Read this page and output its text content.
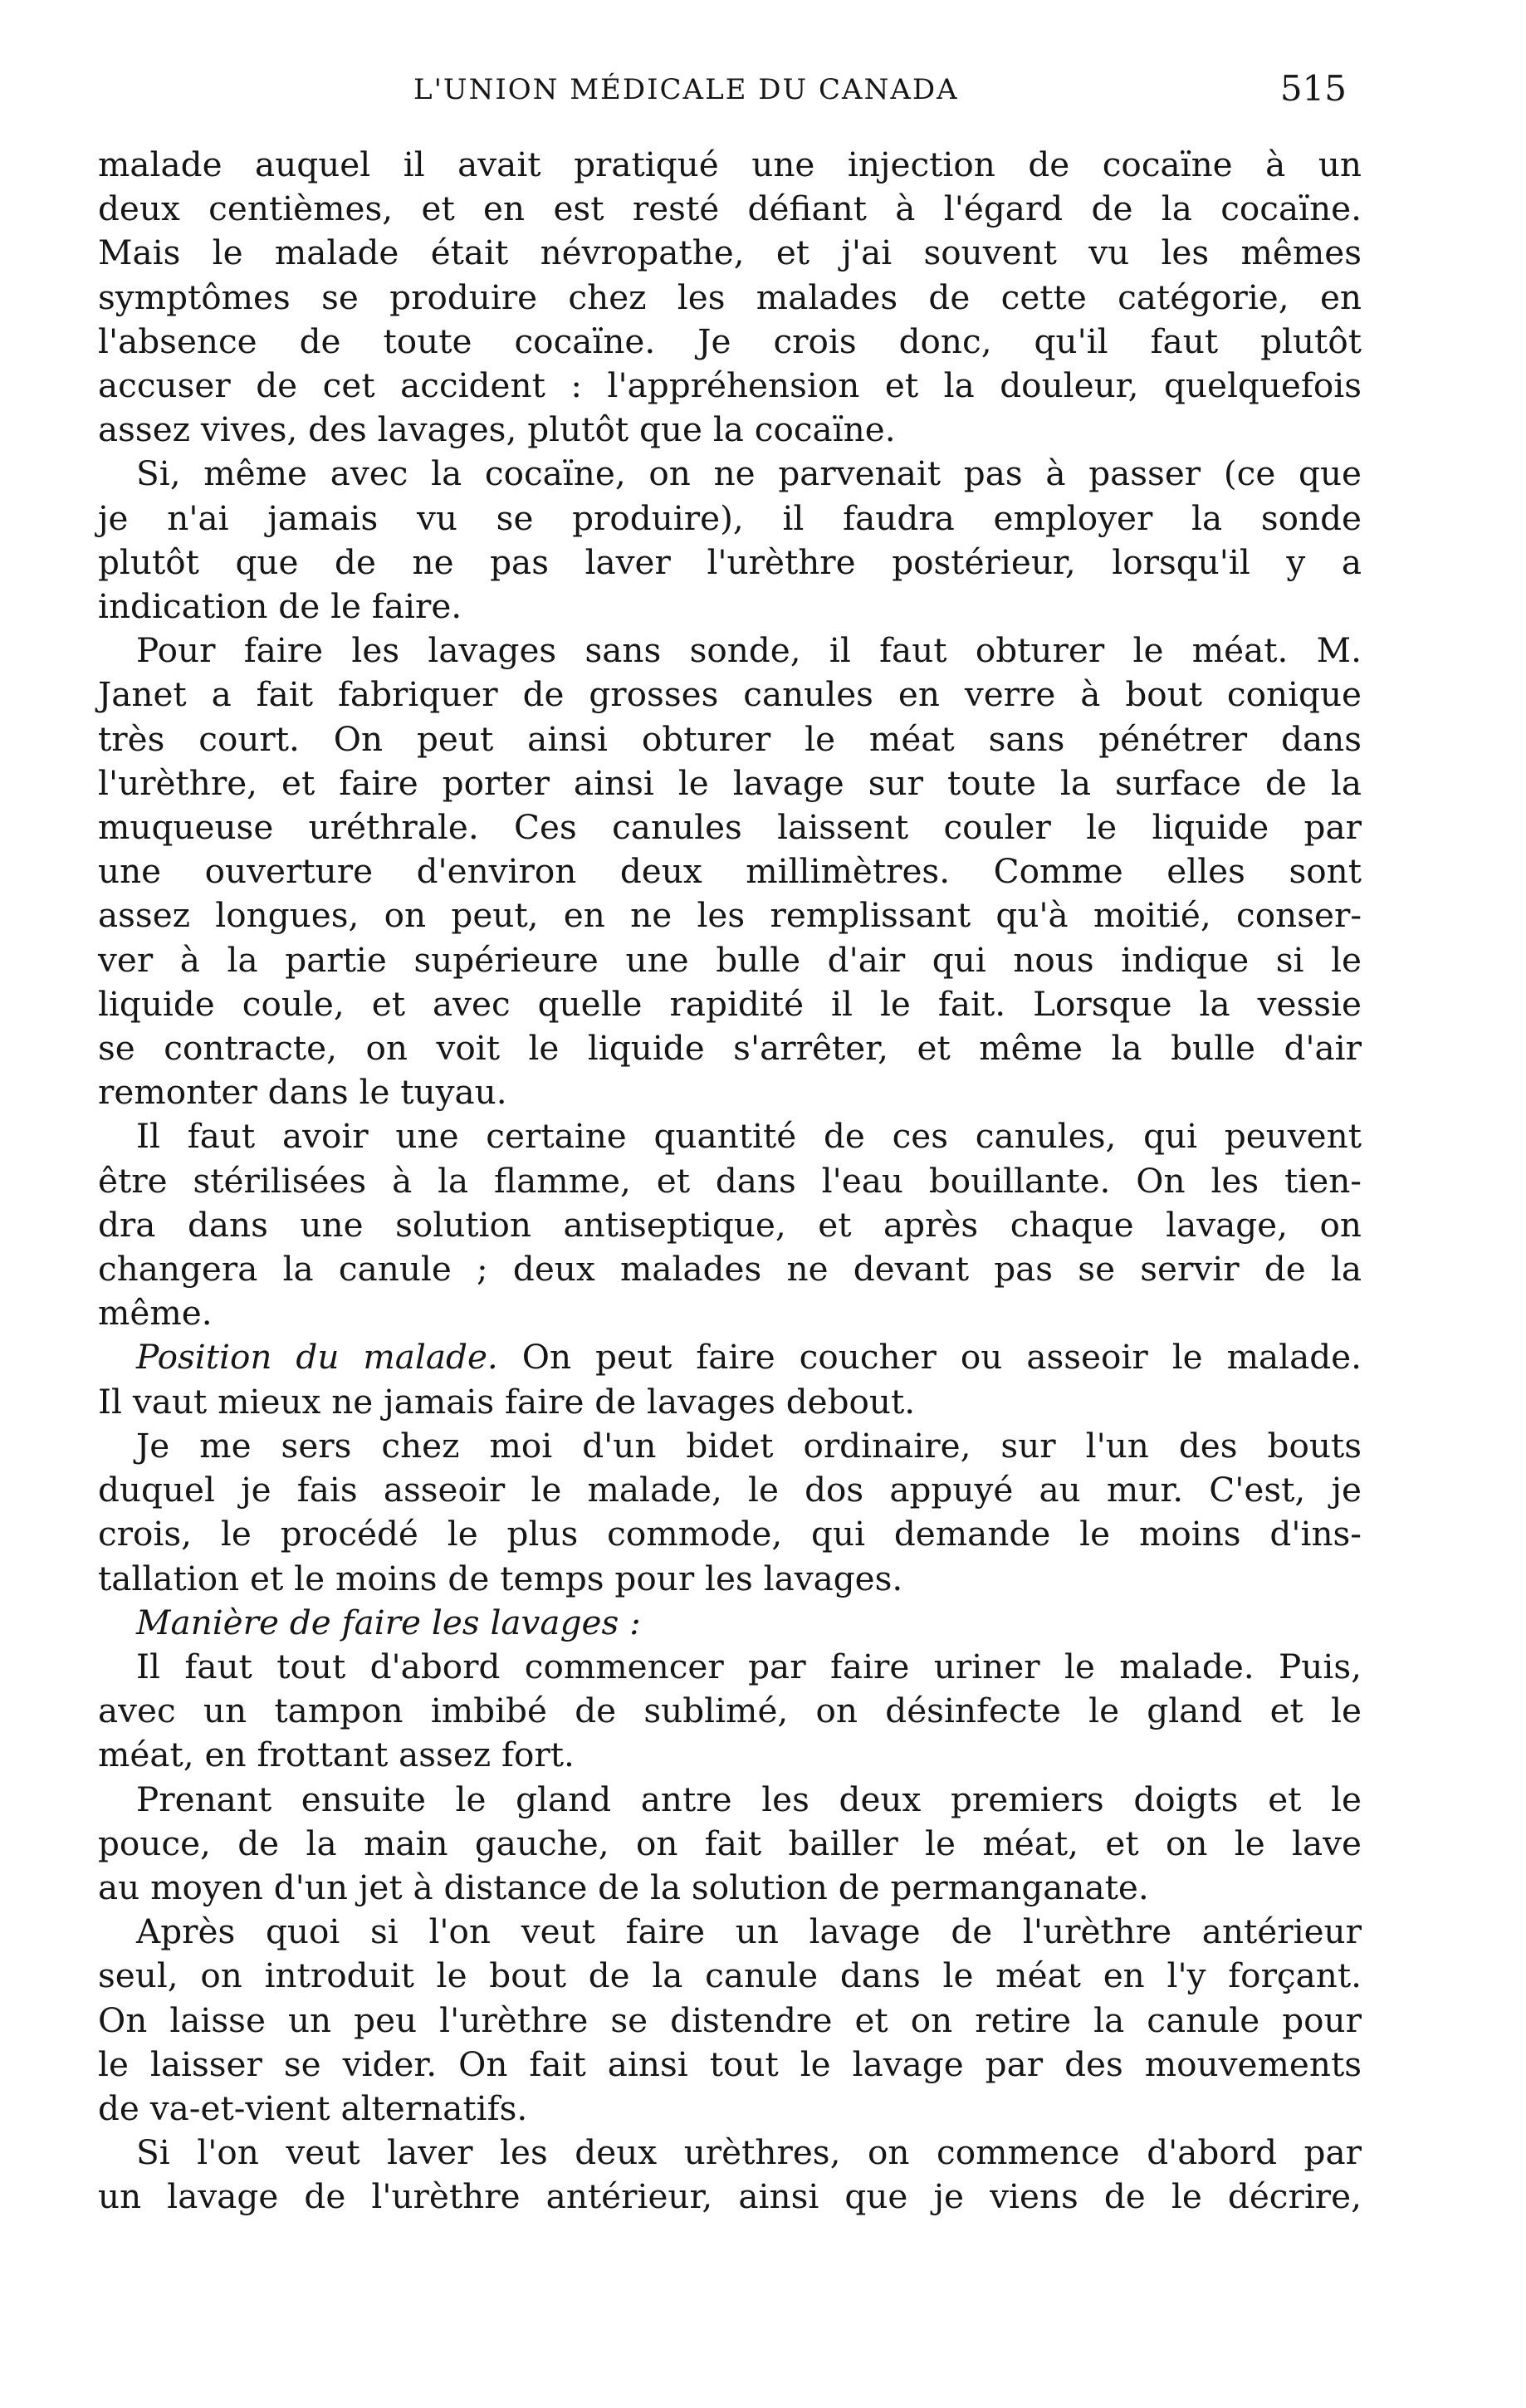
L'UNION MÉDICALE DU CANADA	515

malade auquel il avait pratiqué une injection de cocaïne à un

deux centièmes, et en est resté défiant à l'égard de la cocaïne.

Mais le malade était névropathe, et j'ai souvent vu les mêmes

symptômes se produire chez les malades de cette catégorie, en

l'absence de toute cocaïne. Je crois donc, qu'il faut plutôt

accuser de cet accident : l'appréhension et la douleur, quelquefois

assez vives, des lavages, plutôt que la cocaïne.

Si, même avec la cocaïne, on ne parvenait pas à passer (ce que

je n'ai jamais vu se produire), il faudra employer la sonde

plutôt que de ne pas laver l'urèthre postérieur, lorsqu'il y a

indication de le faire.

Pour faire les lavages sans sonde, il faut obturer le méat. M.

Janet a fait fabriquer de grosses canules en verre à bout conique

très court. On peut ainsi obturer le méat sans pénétrer dans

l'urèthre, et faire porter ainsi le lavage sur toute la surface de la

muqueuse uréthrale. Ces canules laissent couler le liquide par

une ouverture d'environ deux millimètres. Comme elles sont

assez longues, on peut, en ne les remplissant qu'à moitié, conser-

ver à la partie supérieure une bulle d'air qui nous indique si le

liquide coule, et avec quelle rapidité il le fait. Lorsque la vessie

se contracte, on voit le liquide s'arrêter, et même la bulle d'air

remonter dans le tuyau.

Il faut avoir une certaine quantité de ces canules, qui peuvent

être stérilisées à la flamme, et dans l'eau bouillante. On les tien-

dra dans une solution antiseptique, et après chaque lavage, on

changera la canule ; deux malades ne devant pas se servir de la

même.

Position du malade. On peut faire coucher ou asseoir le malade.

Il vaut mieux ne jamais faire de lavages debout.

Je me sers chez moi d'un bidet ordinaire, sur l'un des bouts

duquel je fais asseoir le malade, le dos appuyé au mur. C'est, je

crois, le procédé le plus commode, qui demande le moins d'ins-

tallation et le moins de temps pour les lavages.

Manière de faire les lavages :

Il faut tout d'abord commencer par faire uriner le malade. Puis,

avec un tampon imbibé de sublimé, on désinfecte le gland et le

méat, en frottant assez fort.

Prenant ensuite le gland antre les deux premiers doigts et le

pouce, de la main gauche, on fait bailler le méat, et on le lave

au moyen d'un jet à distance de la solution de permanganate.

Après quoi si l'on veut faire un lavage de l'urèthre antérieur

seul, on introduit le bout de la canule dans le méat en l'y forçant.

On laisse un peu l'urèthre se distendre et on retire la canule pour

le laisser se vider. On fait ainsi tout le lavage par des mouvements

de va-et-vient alternatifs.

Si l'on veut laver les deux urèthres, on commence d'abord par

un lavage de l'urèthre antérieur, ainsi que je viens de le décrire,
